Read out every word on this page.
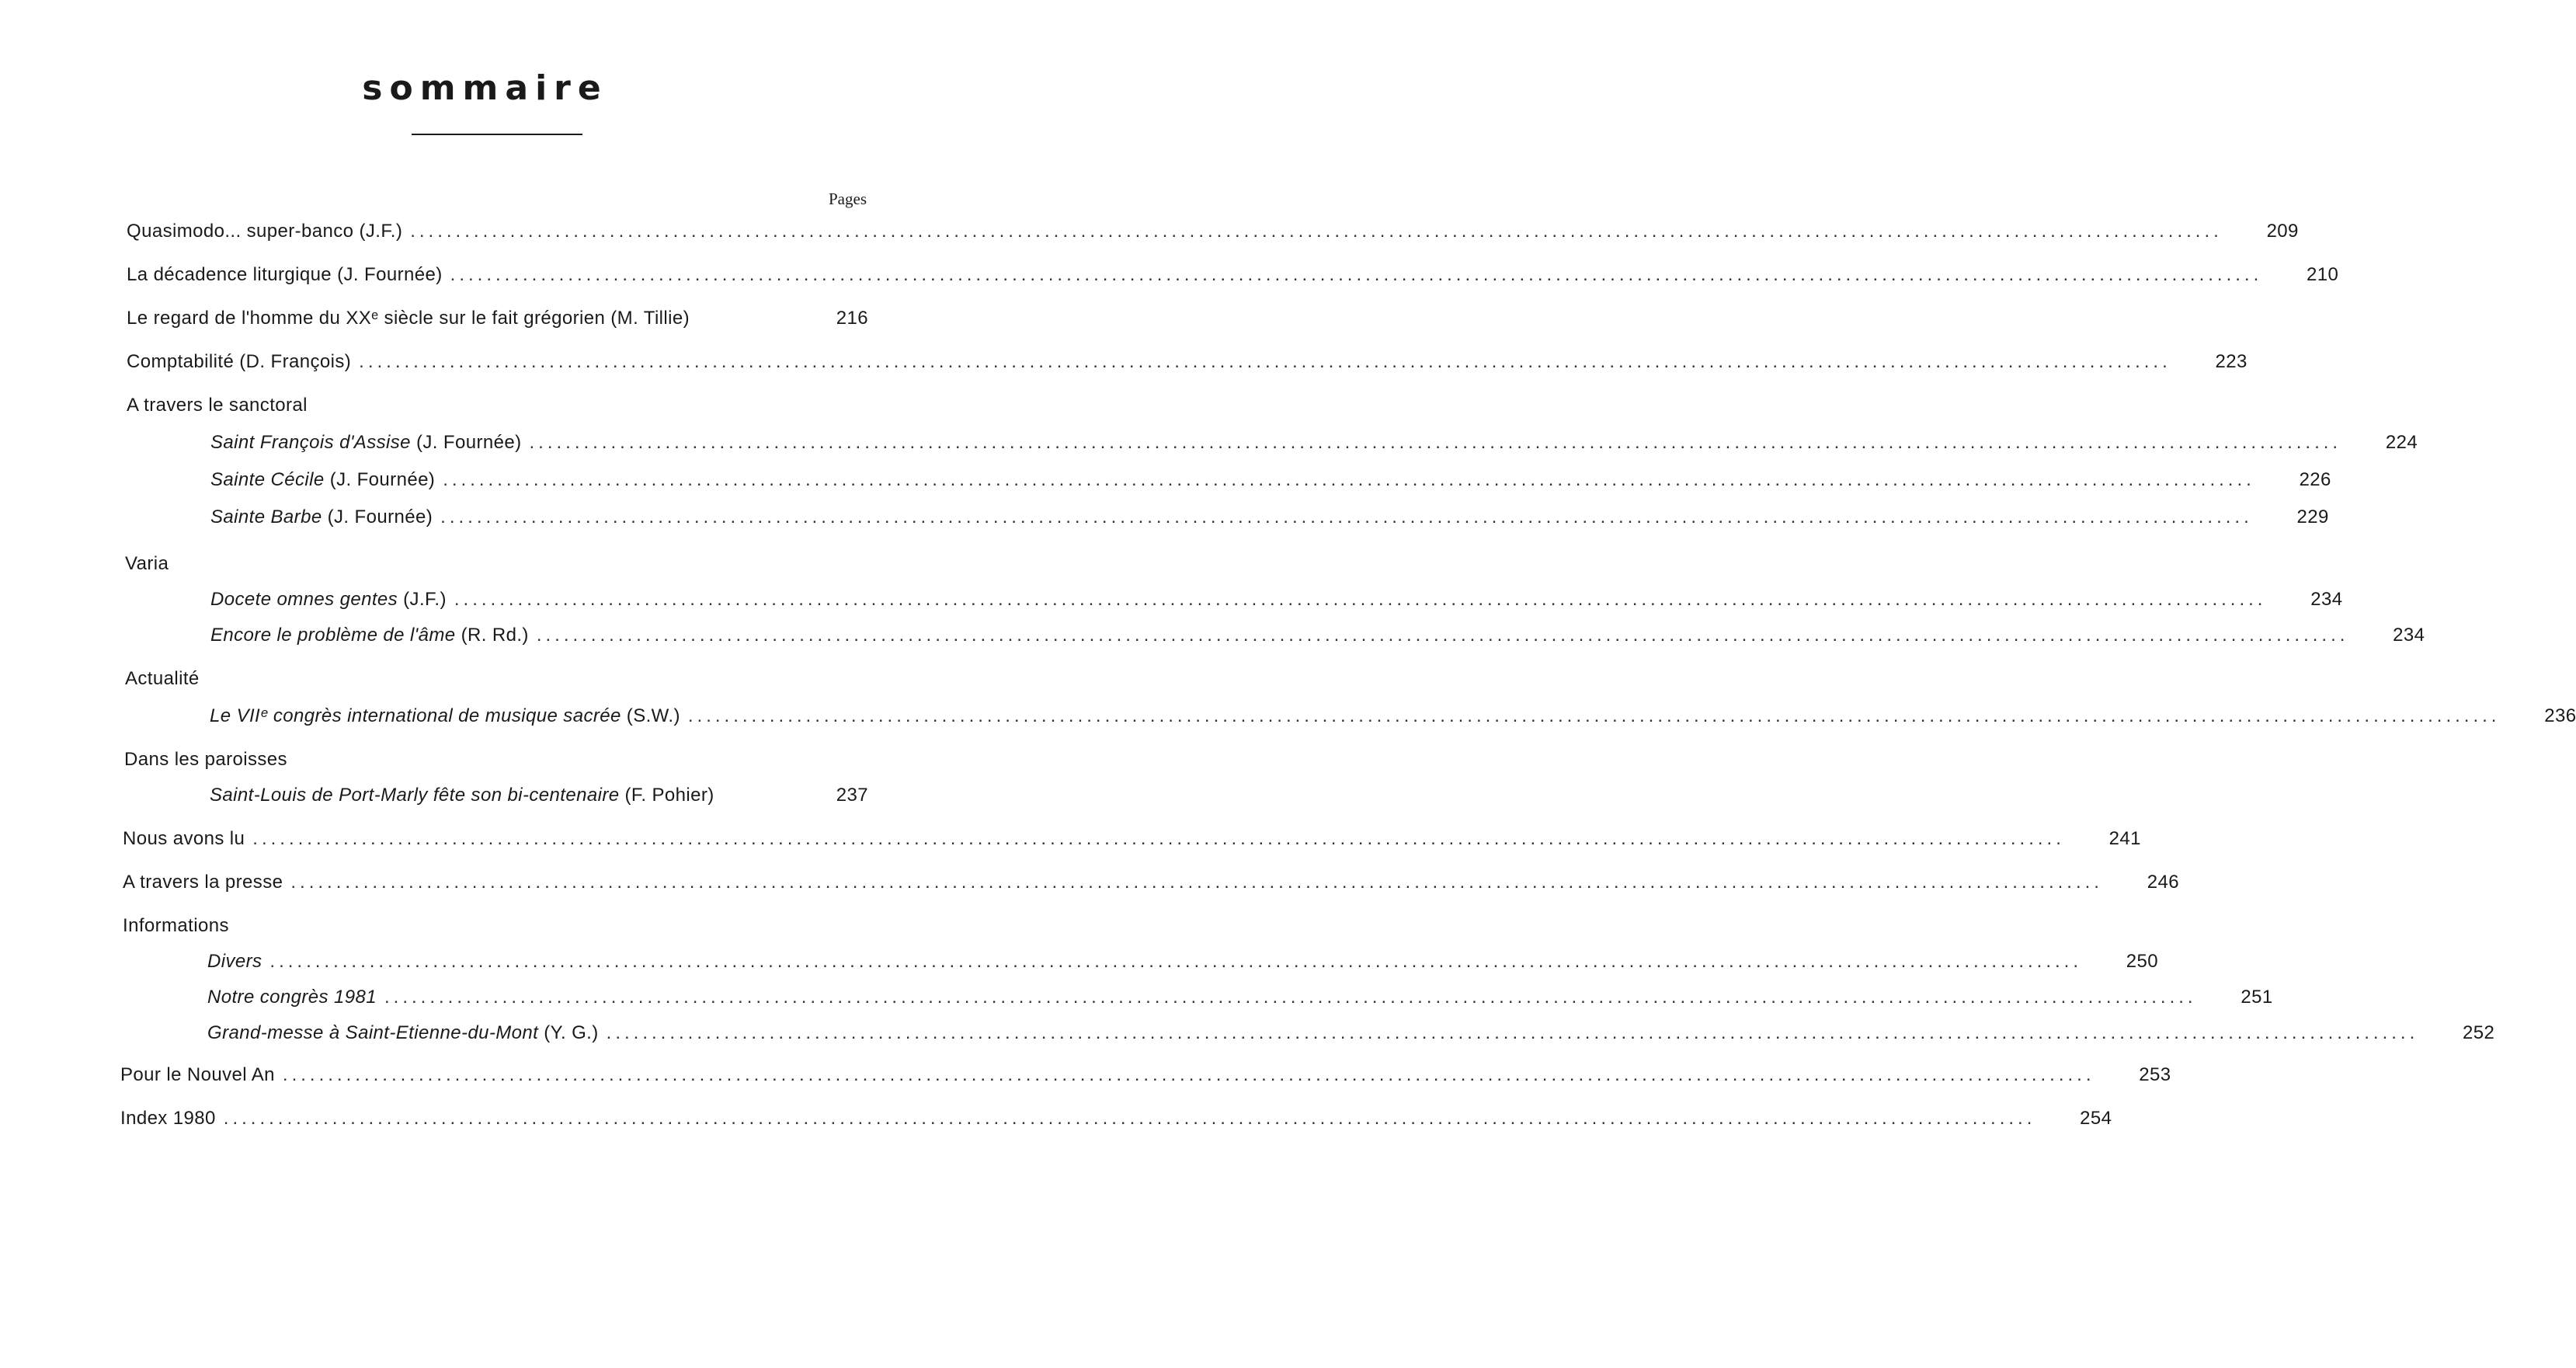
sommaire
Pages
Quasimodo... super-banco (J.F.) ........................................................................................................................................................................................................	209
La décadence liturgique (J. Fournée) ........................................................................................................................................................................................................	210
Le regard de l'homme du XXᵉ siècle sur le fait grégorien (M. Tillie)	216
Comptabilité (D. François) ........................................................................................................................................................................................................	223
A travers le sanctoral
Saint François d'Assise (J. Fournée) ........................................................................................................................................................................................................	224
Sainte Cécile (J. Fournée) ........................................................................................................................................................................................................	226
Sainte Barbe (J. Fournée) ........................................................................................................................................................................................................	229
Varia
Docete omnes gentes (J.F.) ........................................................................................................................................................................................................	234
Encore le problème de l'âme (R. Rd.) ........................................................................................................................................................................................................	234
Actualité
Le VIIᵉ congrès international de musique sacrée (S.W.) ........................................................................................................................................................................................................	236
Dans les paroisses
Saint-Louis de Port-Marly fête son bi-centenaire (F. Pohier)	237
Nous avons lu ........................................................................................................................................................................................................	241
A travers la presse ........................................................................................................................................................................................................	246
Informations
Divers ........................................................................................................................................................................................................	250
Notre congrès 1981 ........................................................................................................................................................................................................	251
Grand-messe à Saint-Etienne-du-Mont (Y. G.) ........................................................................................................................................................................................................	252
Pour le Nouvel An ........................................................................................................................................................................................................	253
Index 1980 ........................................................................................................................................................................................................	254
